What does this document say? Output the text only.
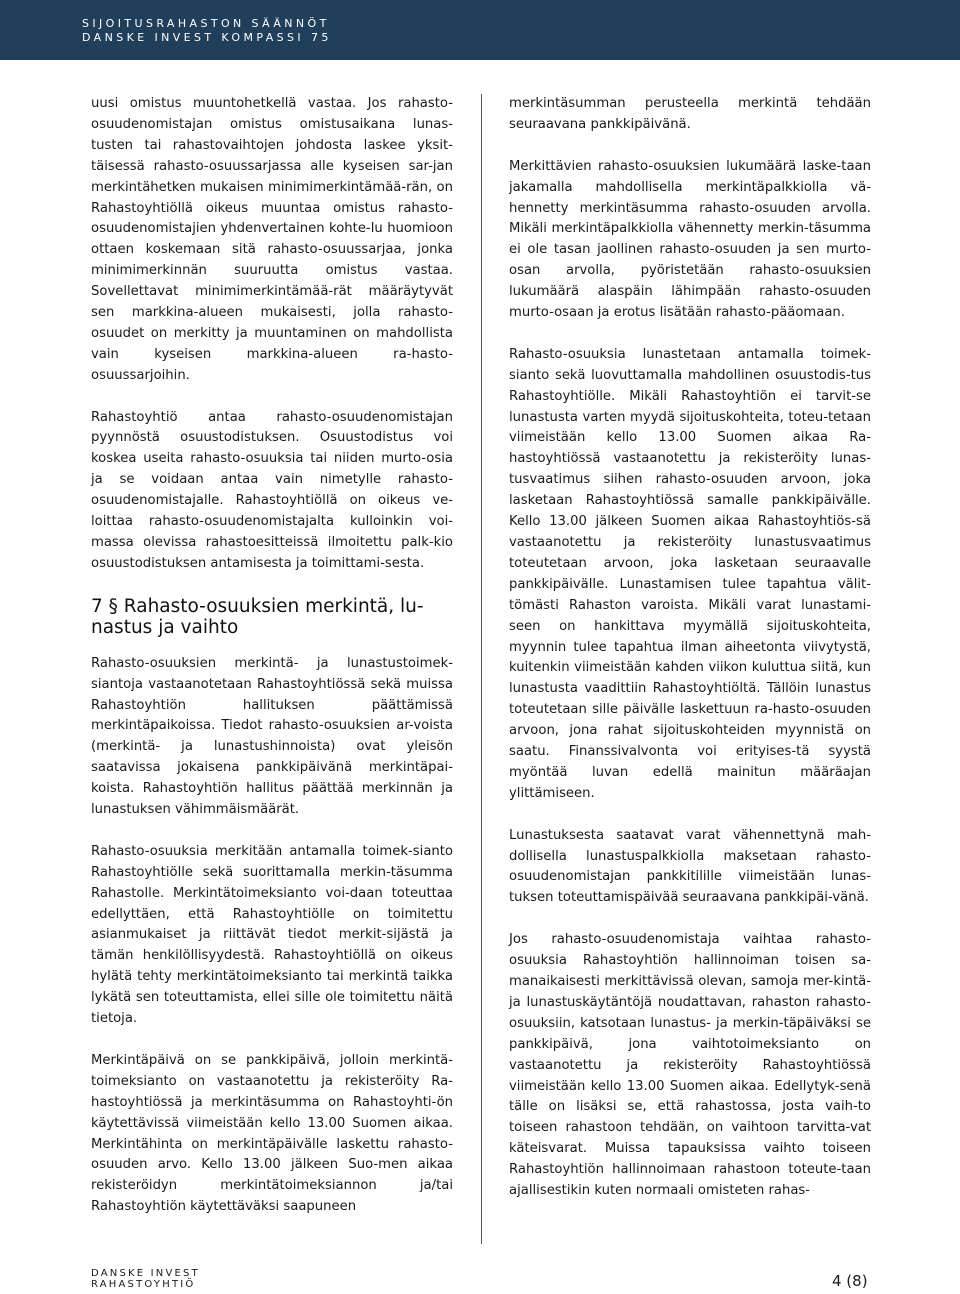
SIJOITUSRAHASTON SÄÄNNÖT
DANSKE INVEST KOMPASSI 75

uusi omistus muuntohetkellä vastaa. Jos rahasto-osuudenomistajan omistus omistusaikana lunas-tusten tai rahastovaihtojen johdosta laskee yksit-täisessä rahasto-osuussarjassa alle kyseisen sar-jan merkintähetken mukaisen minimimerkintämää-rän, on Rahastoyhtiöllä oikeus muuntaa omistus rahasto-osuudenomistajien yhdenvertainen kohte-lu huomioon ottaen koskemaan sitä rahasto-osuussarjaa, jonka minimimerkinnän suuruutta omistus vastaa. Sovellettavat minimimerkintämää-rät määräytyvät sen markkina-alueen mukaisesti, jolla rahasto-osuudet on merkitty ja muuntaminen on mahdollista vain kyseisen markkina-alueen ra-hasto-osuussarjoihin.

Rahastoyhtiö antaa rahasto-osuudenomistajan pyynnöstä osuustodistuksen. Osuustodistus voi koskea useita rahasto-osuuksia tai niiden murto-osia ja se voidaan antaa vain nimetylle rahasto-osuudenomistajalle. Rahastoyhtiöllä on oikeus ve-loittaa rahasto-osuudenomistajalta kulloinkin voi-massa olevissa rahastoesitteissä ilmoitettu palk-kio osuustodistuksen antamisesta ja toimittami-sesta.

7 § Rahasto-osuuksien merkintä, lu-nastus ja vaihto

Rahasto-osuuksien merkintä- ja lunastustoimek-siantoja vastaanotetaan Rahastoyhtiössä sekä muissa Rahastoyhtiön hallituksen päättämissä merkintäpaikoissa. Tiedot rahasto-osuuksien ar-voista (merkintä- ja lunastushinnoista) ovat yleisön saatavissa jokaisena pankkipäivänä merkintäpai-koista. Rahastoyhtiön hallitus päättää merkinnän ja lunastuksen vähimmäismäärät.

Rahasto-osuuksia merkitään antamalla toimek-sianto Rahastoyhtiölle sekä suorittamalla merkin-täsumma Rahastolle. Merkintätoimeksianto voi-daan toteuttaa edellyttäen, että Rahastoyhtiölle on toimitettu asianmukaiset ja riittävät tiedot merkit-sijästä ja tämän henkilöllisyydestä. Rahastoyhtiöllä on oikeus hylätä tehty merkintätoimeksianto tai merkintä taikka lykätä sen toteuttamista, ellei sille ole toimitettu näitä tietoja.

Merkintäpäivä on se pankkipäivä, jolloin merkintä-toimeksianto on vastaanotettu ja rekisteröity Ra-hastoyhtiössä ja merkintäsumma on Rahastoyhti-ön käytettävissä viimeistään kello 13.00 Suomen aikaa. Merkintähinta on merkintäpäivälle laskettu rahasto-osuuden arvo. Kello 13.00 jälkeen Suo-men aikaa rekisteröidyn merkintätoimeksiannon ja/tai Rahastoyhtiön käytettäväksi saapuneen

merkintäsumman perusteella merkintä tehdään seuraavana pankkipäivänä.

Merkittävien rahasto-osuuksien lukumäärä laske-taan jakamalla mahdollisella merkintäpalkkiolla vä-hennetty merkintäsumma rahasto-osuuden arvolla. Mikäli merkintäpalkkiolla vähennetty merkin-täsumma ei ole tasan jaollinen rahasto-osuuden ja sen murto-osan arvolla, pyöristetään rahasto-osuuksien lukumäärä alaspäin lähimpään rahasto-osuuden murto-osaan ja erotus lisätään rahasto-pääomaan.

Rahasto-osuuksia lunastetaan antamalla toimek-sianto sekä luovuttamalla mahdollinen osuustodis-tus Rahastoyhtiölle. Mikäli Rahastoyhtiön ei tarvit-se lunastusta varten myydä sijoituskohteita, toteu-tetaan viimeistään kello 13.00 Suomen aikaa Ra-hastoyhtiössä vastaanotettu ja rekisteröity lunas-tusvaatimus siihen rahasto-osuuden arvoon, joka lasketaan Rahastoyhtiössä samalle pankkipäivälle. Kello 13.00 jälkeen Suomen aikaa Rahastoyhtiös-sä vastaanotettu ja rekisteröity lunastusvaatimus toteutetaan arvoon, joka lasketaan seuraavalle pankkipäivälle. Lunastamisen tulee tapahtua välit-tömästi Rahaston varoista. Mikäli varat lunastami-seen on hankittava myymällä sijoituskohteita, myynnin tulee tapahtua ilman aiheetonta viivytystä, kuitenkin viimeistään kahden viikon kuluttua siitä, kun lunastusta vaadittiin Rahastoyhtiöltä. Tällöin lunastus toteutetaan sille päivälle laskettuun ra-hasto-osuuden arvoon, jona rahat sijoituskohteiden myynnistä on saatu. Finanssivalvonta voi erityises-tä syystä myöntää luvan edellä mainitun määräajan ylittämiseen.

Lunastuksesta saatavat varat vähennettynä mah-dollisella lunastuspalkkiolla maksetaan rahasto-osuudenomistajan pankkitilille viimeistään lunas-tuksen toteuttamispäivää seuraavana pankkipäi-vänä.

Jos rahasto-osuudenomistaja vaihtaa rahasto-osuuksia Rahastoyhtiön hallinnoiman toisen sa-manaikaisesti merkittävissä olevan, samoja mer-kintä- ja lunastuskäytäntöjä noudattavan, rahaston rahasto-osuuksiin, katsotaan lunastus- ja merkin-täpäiväksi se pankkipäivä, jona vaihtotoimeksianto on vastaanotettu ja rekisteröity Rahastoyhtiössä viimeistään kello 13.00 Suomen aikaa. Edellytyk-senä tälle on lisäksi se, että rahastossa, josta vaih-to toiseen rahastoon tehdään, on vaihtoon tarvitta-vat käteisvarat. Muissa tapauksissa vaihto toiseen Rahastoyhtiön hallinnoimaan rahastoon toteute-taan ajallisestikin kuten normaali omisteten rahas-

DANSKE INVEST
RAHASTOYHTIÖ	4 (8)
